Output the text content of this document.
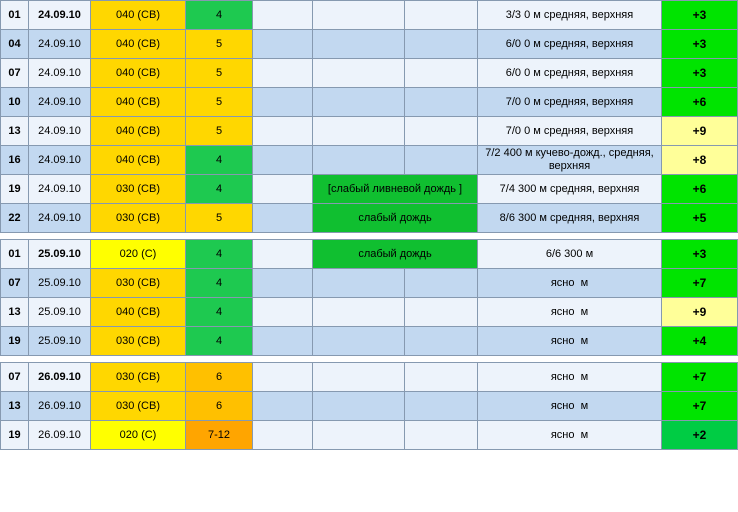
01	24.09.10	040 (СВ)	4				3/3 0 м средняя, верхняя	+3
04	24.09.10	040 (СВ)	5				6/0 0 м средняя, верхняя	+3
07	24.09.10	040 (СВ)	5				6/0 0 м средняя, верхняя	+3
10	24.09.10	040 (СВ)	5				7/0 0 м средняя, верхняя	+6
13	24.09.10	040 (СВ)	5				7/0 0 м средняя, верхняя	+9
16	24.09.10	040 (СВ)	4				7/2 400 м кучево-дожд., средняя, верхняя	+8
19	24.09.10	030 (СВ)	4		[слабый ливневой дождь ]		7/4 300 м средняя, верхняя	+6
22	24.09.10	030 (СВ)	5		слабый дождь		8/6 300 м средняя, верхняя	+5
01	25.09.10	020 (С)	4		слабый дождь		6/6 300 м	+3
07	25.09.10	030 (СВ)	4				ясно  м	+7
13	25.09.10	040 (СВ)	4				ясно  м	+9
19	25.09.10	030 (СВ)	4				ясно  м	+4
07	26.09.10	030 (СВ)	6				ясно  м	+7
13	26.09.10	030 (СВ)	6				ясно  м	+7
19	26.09.10	020 (С)	7-12				ясно  м	+2
